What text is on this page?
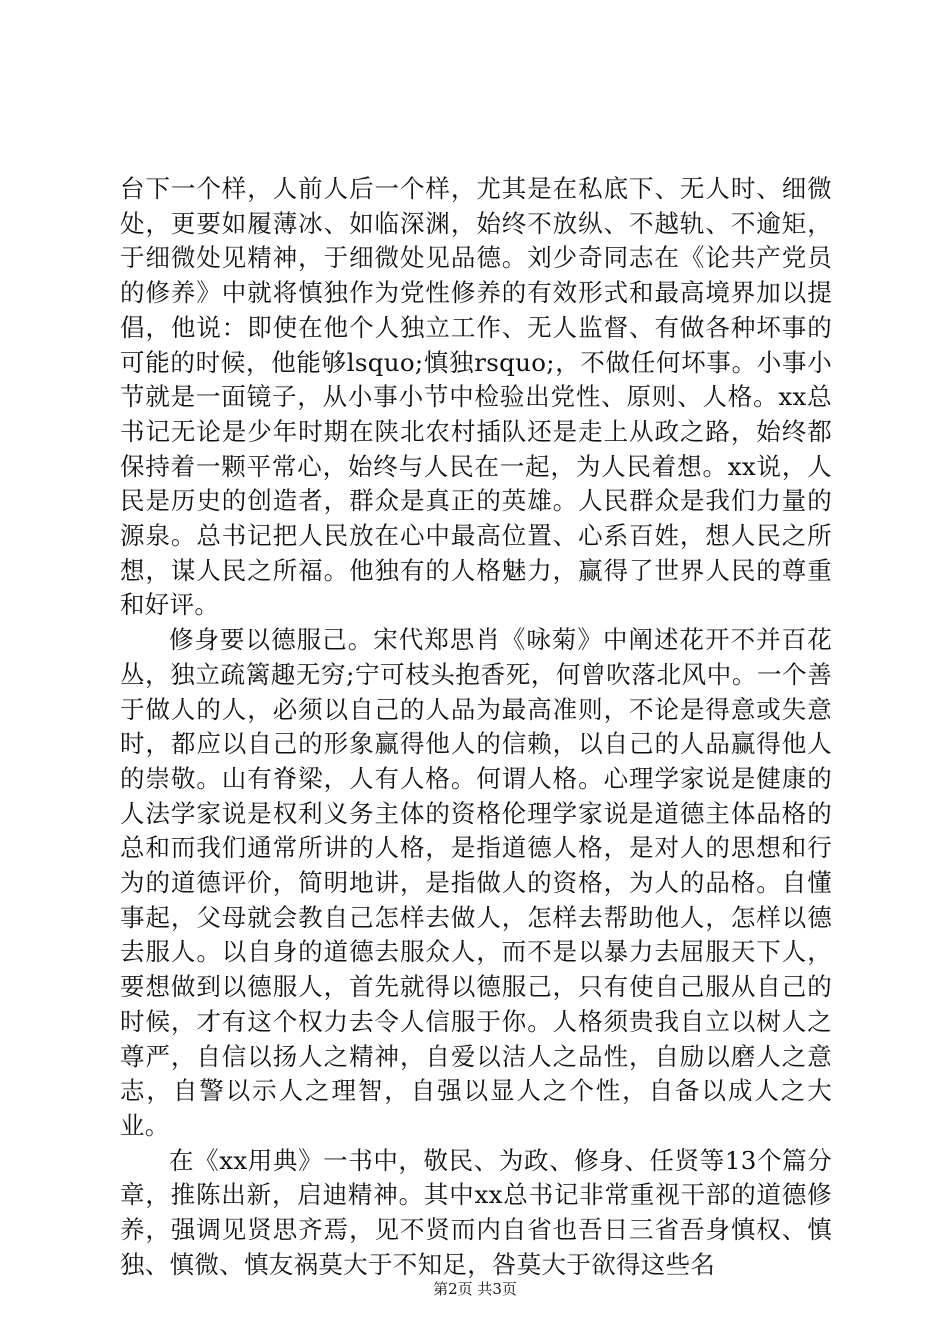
台下一个样，人前人后一个样，尤其是在私底下、无人时、细微处，更要如履薄冰、如临深渊，始终不放纵、不越轨、不逾矩，于细微处见精神，于细微处见品德。刘少奇同志在《论共产党员的修养》中就将慎独作为党性修养的有效形式和最高境界加以提倡，他说：即使在他个人独立工作、无人监督、有做各种坏事的可能的时候，他能够lsquo;慎独rsquo;，不做任何坏事。小事小节就是一面镜子，从小事小节中检验出党性、原则、人格。xx总书记无论是少年时期在陕北农村插队还是走上从政之路，始终都保持着一颗平常心，始终与人民在一起，为人民着想。xx说，人民是历史的创造者，群众是真正的英雄。人民群众是我们力量的源泉。总书记把人民放在心中最高位置、心系百姓，想人民之所想，谋人民之所福。他独有的人格魅力，赢得了世界人民的尊重和好评。

修身要以德服己。宋代郑思肖《咏菊》中阐述花开不并百花丛，独立疏篱趣无穷;宁可枝头抱香死，何曾吹落北风中。一个善于做人的人，必须以自己的人品为最高准则，不论是得意或失意时，都应以自己的形象赢得他人的信赖，以自己的人品赢得他人的崇敬。山有脊梁，人有人格。何谓人格。心理学家说是健康的人法学家说是权利义务主体的资格伦理学家说是道德主体品格的总和而我们通常所讲的人格，是指道德人格，是对人的思想和行为的道德评价，简明地讲，是指做人的资格，为人的品格。自懂事起，父母就会教自己怎样去做人，怎样去帮助他人，怎样以德去服人。以自身的道德去服众人，而不是以暴力去屈服天下人，要想做到以德服人，首先就得以德服己，只有使自己服从自己的时候，才有这个权力去令人信服于你。人格须贵我自立以树人之尊严，自信以扬人之精神，自爱以洁人之品性，自励以磨人之意志，自警以示人之理智，自强以显人之个性，自备以成人之大业。

在《xx用典》一书中，敬民、为政、修身、任贤等13个篇分章，推陈出新，启迪精神。其中xx总书记非常重视干部的道德修养，强调见贤思齐焉，见不贤而内自省也吾日三省吾身慎权、慎独、慎微、慎友祸莫大于不知足，咎莫大于欲得这些名

第2页 共3页
